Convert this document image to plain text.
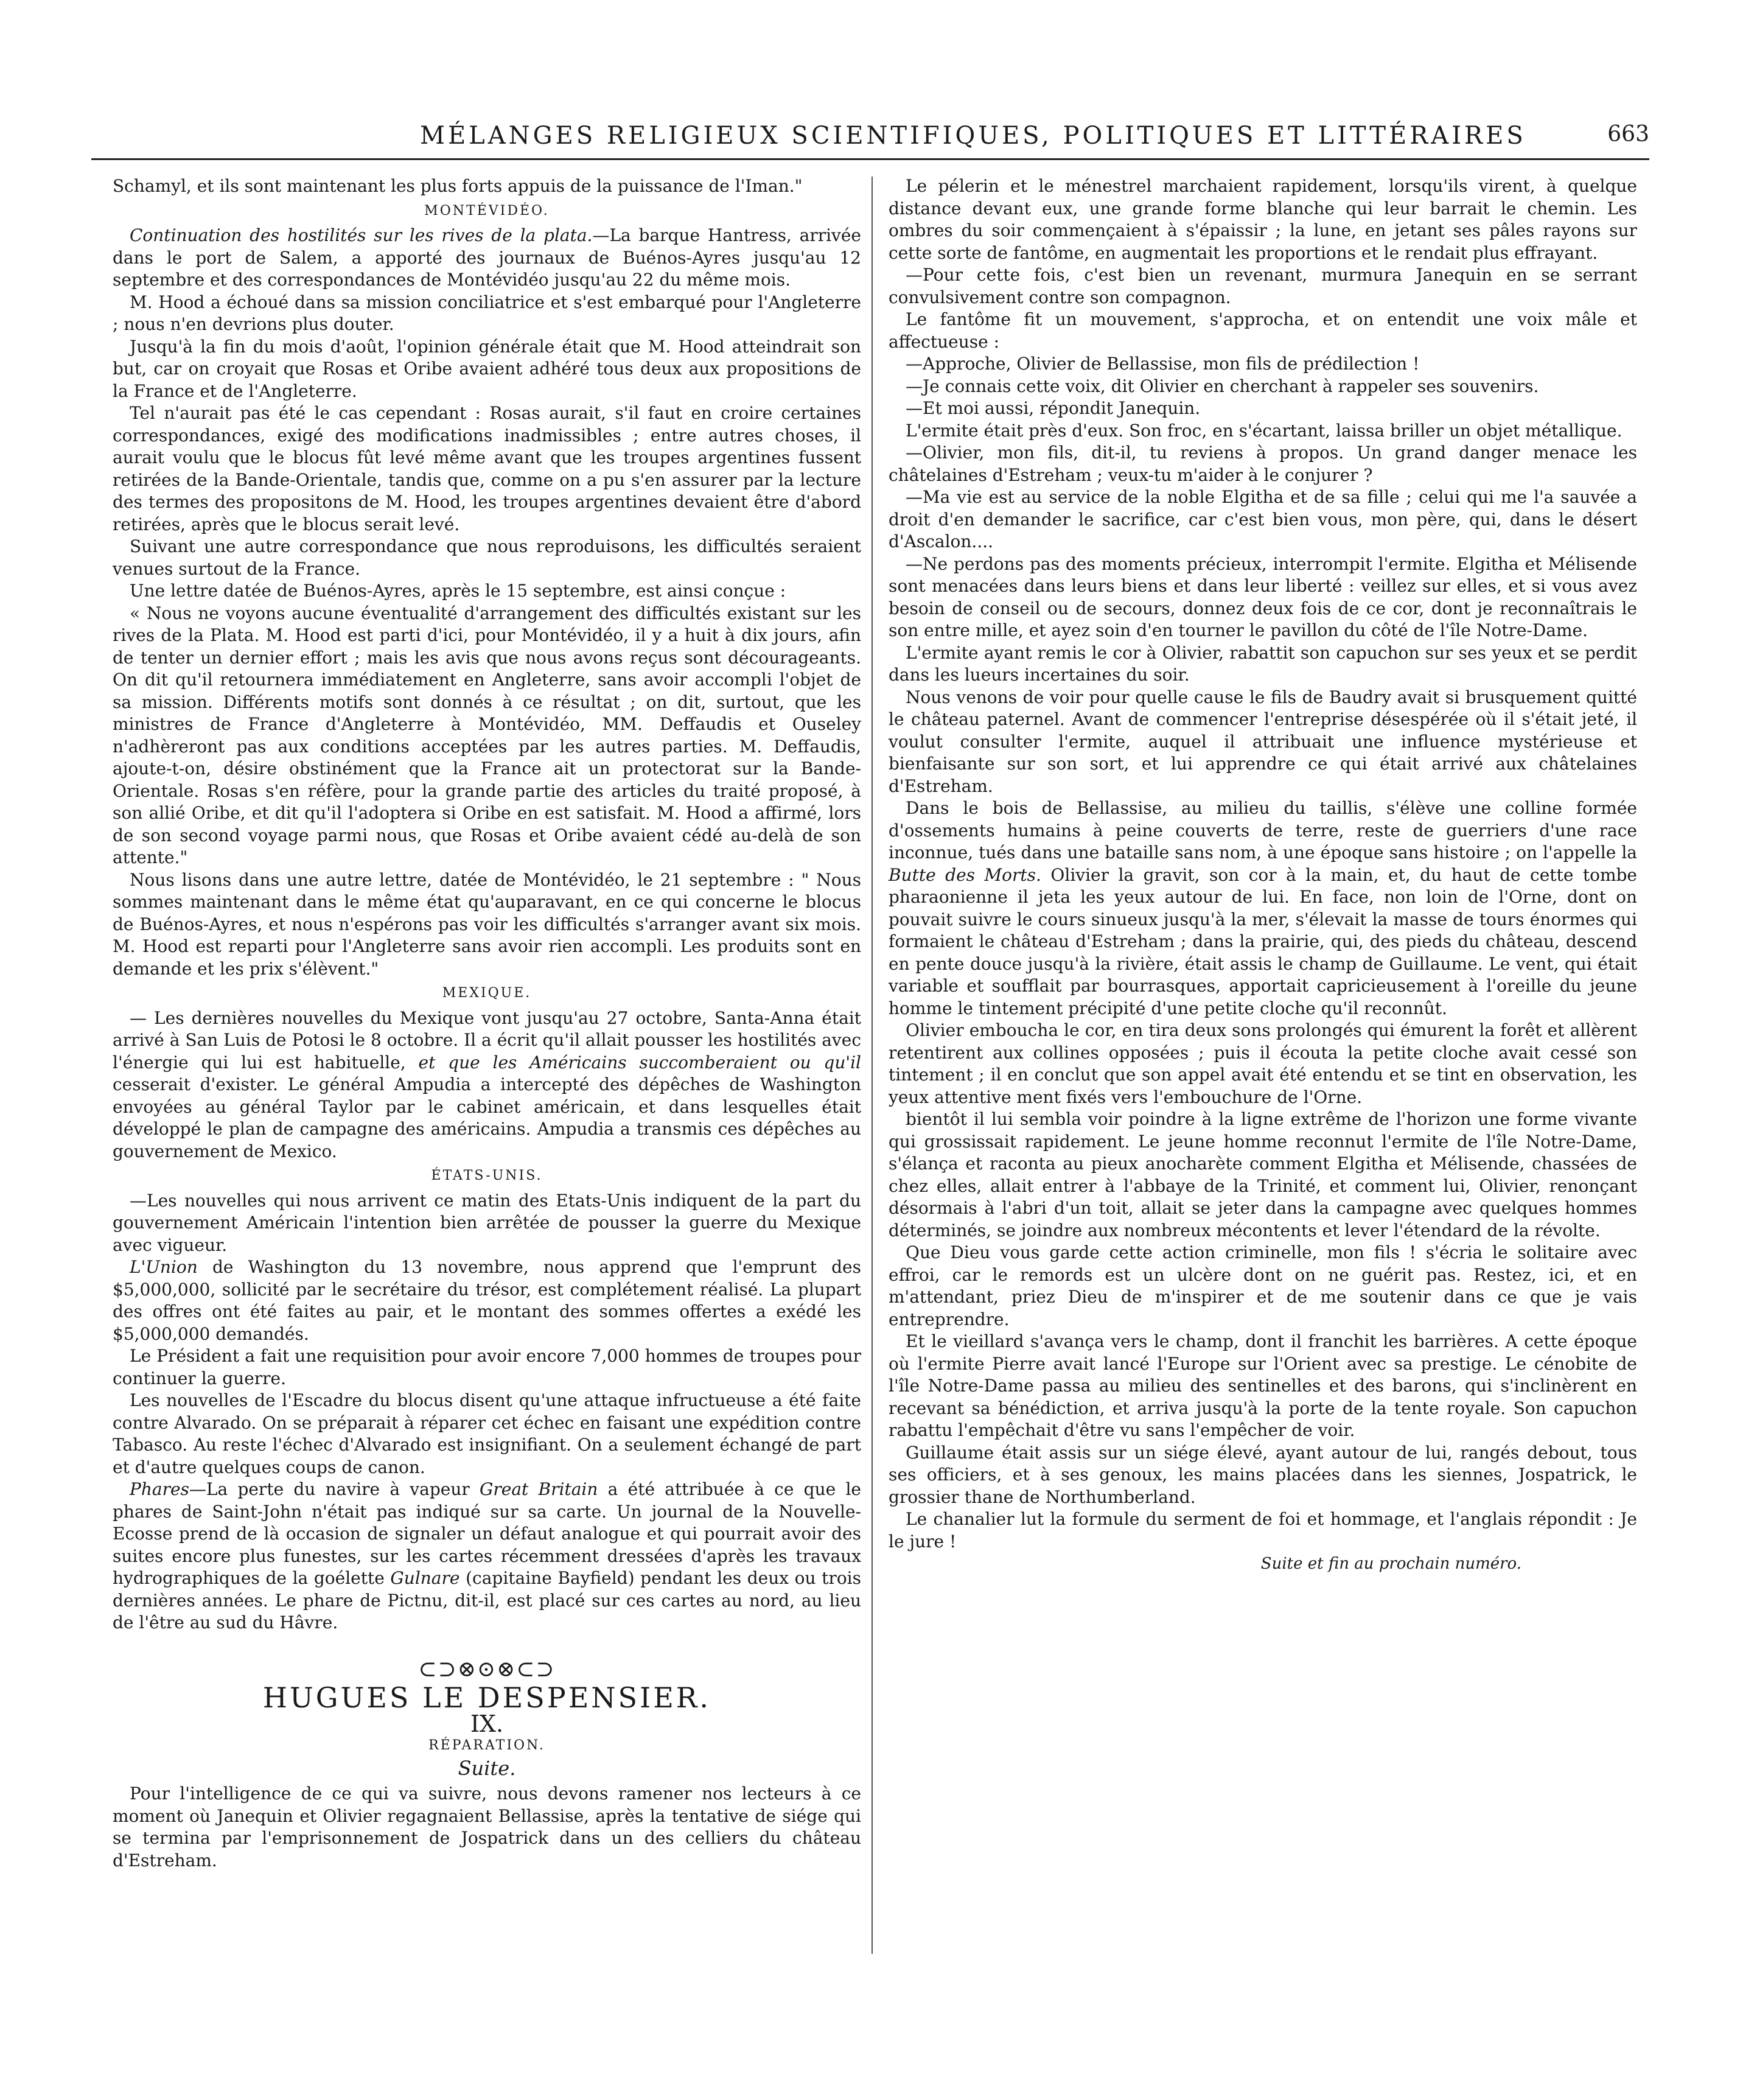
MÉLANGES RELIGIEUX SCIENTIFIQUES, POLITIQUES ET LITTÉRAIRES	663

Schamyl, et ils sont maintenant les plus forts appuis de la puissance de l'Iman."

MONTÉVIDÉO.

Continuation des hostilités sur les rives de la plata.—La barque Hantress, arrivée dans le port de Salem, a apporté des journaux de Buénos-Ayres jusqu'au 12 septembre et des correspondances de Montévidéo jusqu'au 22 du même mois.

M. Hood a échoué dans sa mission conciliatrice et s'est embarqué pour l'Angleterre ; nous n'en devrions plus douter.

Jusqu'à la fin du mois d'août, l'opinion générale était que M. Hood atteindrait son but, car on croyait que Rosas et Oribe avaient adhéré tous deux aux propositions de la France et de l'Angleterre.

Tel n'aurait pas été le cas cependant : Rosas aurait, s'il faut en croire certaines correspondances, exigé des modifications inadmissibles ; entre autres choses, il aurait voulu que le blocus fût levé même avant que les troupes argentines fussent retirées de la Bande-Orientale, tandis que, comme on a pu s'en assurer par la lecture des termes des propositons de M. Hood, les troupes argentines devaient être d'abord retirées, après que le blocus serait levé.

Suivant une autre correspondance que nous reproduisons, les difficultés seraient venues surtout de la France.

Une lettre datée de Buénos-Ayres, après le 15 septembre, est ainsi conçue :

« Nous ne voyons aucune éventualité d'arrangement des difficultés existant sur les rives de la Plata. M. Hood est parti d'ici, pour Montévidéo, il y a huit à dix jours, afin de tenter un dernier effort ; mais les avis que nous avons reçus sont décourageants. On dit qu'il retournera immédiatement en Angleterre, sans avoir accompli l'objet de sa mission. Différents motifs sont donnés à ce résultat ; on dit, surtout, que les ministres de France d'Angleterre à Montévidéo, MM. Deffaudis et Ouseley n'adhèreront pas aux conditions acceptées par les autres parties. M. Deffaudis, ajoute-t-on, désire obstinément que la France ait un protectorat sur la Bande-Orientale. Rosas s'en réfère, pour la grande partie des articles du traité proposé, à son allié Oribe, et dit qu'il l'adoptera si Oribe en est satisfait. M. Hood a affirmé, lors de son second voyage parmi nous, que Rosas et Oribe avaient cédé au-delà de son attente."

Nous lisons dans une autre lettre, datée de Montévidéo, le 21 septembre : " Nous sommes maintenant dans le même état qu'auparavant, en ce qui concerne le blocus de Buénos-Ayres, et nous n'espérons pas voir les difficultés s'arranger avant six mois. M. Hood est reparti pour l'Angleterre sans avoir rien accompli. Les produits sont en demande et les prix s'élèvent."

MEXIQUE.

— Les dernières nouvelles du Mexique vont jusqu'au 27 octobre, Santa-Anna était arrivé à San Luis de Potosi le 8 octobre. Il a écrit qu'il allait pousser les hostilités avec l'énergie qui lui est habituelle, et que les Américains succomberaient ou qu'il cesserait d'exister. Le général Ampudia a intercepté des dépêches de Washington envoyées au général Taylor par le cabinet américain, et dans lesquelles était développé le plan de campagne des américains. Ampudia a transmis ces dépêches au gouvernement de Mexico.

ÉTATS-UNIS.

—Les nouvelles qui nous arrivent ce matin des Etats-Unis indiquent de la part du gouvernement Américain l'intention bien arrêtée de pousser la guerre du Mexique avec vigueur.

L'Union de Washington du 13 novembre, nous apprend que l'emprunt des $5,000,000, sollicité par le secrétaire du trésor, est complétement réalisé. La plupart des offres ont été faites au pair, et le montant des sommes offertes a exédé les $5,000,000 demandés.

Le Président a fait une requisition pour avoir encore 7,000 hommes de troupes pour continuer la guerre.

Les nouvelles de l'Escadre du blocus disent qu'une attaque infructueuse a été faite contre Alvarado. On se préparait à réparer cet échec en faisant une expédition contre Tabasco. Au reste l'échec d'Alvarado est insignifiant. On a seulement échangé de part et d'autre quelques coups de canon.

Phares—La perte du navire à vapeur Great Britain a été attribuée à ce que le phares de Saint-John n'était pas indiqué sur sa carte. Un journal de la Nouvelle-Ecosse prend de là occasion de signaler un défaut analogue et qui pourrait avoir des suites encore plus funestes, sur les cartes récemment dressées d'après les travaux hydrographiques de la goélette Gulnare (capitaine Bayfield) pendant les deux ou trois dernières années. Le phare de Pictnu, dit-il, est placé sur ces cartes au nord, au lieu de l'être au sud du Hâvre.

⊂⊃⊗⊙⊗⊂⊃

HUGUES LE DESPENSIER.

IX.

RÉPARATION.

Suite.

Pour l'intelligence de ce qui va suivre, nous devons ramener nos lecteurs à ce moment où Janequin et Olivier regagnaient Bellassise, après la tentative de siége qui se termina par l'emprisonnement de Jospatrick dans un des celliers du château d'Estreham.

Le pélerin et le ménestrel marchaient rapidement, lorsqu'ils virent, à quelque distance devant eux, une grande forme blanche qui leur barrait le chemin. Les ombres du soir commençaient à s'épaissir ; la lune, en jetant ses pâles rayons sur cette sorte de fantôme, en augmentait les proportions et le rendait plus effrayant.

—Pour cette fois, c'est bien un revenant, murmura Janequin en se serrant convulsivement contre son compagnon.

Le fantôme fit un mouvement, s'approcha, et on entendit une voix mâle et affectueuse :

—Approche, Olivier de Bellassise, mon fils de prédilection !

—Je connais cette voix, dit Olivier en cherchant à rappeler ses souvenirs.

—Et moi aussi, répondit Janequin.

L'ermite était près d'eux. Son froc, en s'écartant, laissa briller un objet métallique.

—Olivier, mon fils, dit-il, tu reviens à propos. Un grand danger menace les châtelaines d'Estreham ; veux-tu m'aider à le conjurer ?

—Ma vie est au service de la noble Elgitha et de sa fille ; celui qui me l'a sauvée a droit d'en demander le sacrifice, car c'est bien vous, mon père, qui, dans le désert d'Ascalon....

—Ne perdons pas des moments précieux, interrompit l'ermite. Elgitha et Mélisende sont menacées dans leurs biens et dans leur liberté : veillez sur elles, et si vous avez besoin de conseil ou de secours, donnez deux fois de ce cor, dont je reconnaîtrais le son entre mille, et ayez soin d'en tourner le pavillon du côté de l'île Notre-Dame.

L'ermite ayant remis le cor à Olivier, rabattit son capuchon sur ses yeux et se perdit dans les lueurs incertaines du soir.

Nous venons de voir pour quelle cause le fils de Baudry avait si brusquement quitté le château paternel. Avant de commencer l'entreprise désespérée où il s'était jeté, il voulut consulter l'ermite, auquel il attribuait une influence mystérieuse et bienfaisante sur son sort, et lui apprendre ce qui était arrivé aux châtelaines d'Estreham.

Dans le bois de Bellassise, au milieu du taillis, s'élève une colline formée d'ossements humains à peine couverts de terre, reste de guerriers d'une race inconnue, tués dans une bataille sans nom, à une époque sans histoire ; on l'appelle la Butte des Morts. Olivier la gravit, son cor à la main, et, du haut de cette tombe pharaonienne il jeta les yeux autour de lui. En face, non loin de l'Orne, dont on pouvait suivre le cours sinueux jusqu'à la mer, s'élevait la masse de tours énormes qui formaient le château d'Estreham ; dans la prairie, qui, des pieds du château, descend en pente douce jusqu'à la rivière, était assis le champ de Guillaume. Le vent, qui était variable et soufflait par bourrasques, apportait capricieusement à l'oreille du jeune homme le tintement précipité d'une petite cloche qu'il reconnût.

Olivier emboucha le cor, en tira deux sons prolongés qui émurent la forêt et allèrent retentirent aux collines opposées ; puis il écouta la petite cloche avait cessé son tintement ; il en conclut que son appel avait été entendu et se tint en observation, les yeux attentive ment fixés vers l'embouchure de l'Orne.

bientôt il lui sembla voir poindre à la ligne extrême de l'horizon une forme vivante qui grossissait rapidement. Le jeune homme reconnut l'ermite de l'île Notre-Dame, s'élança et raconta au pieux anocharète comment Elgitha et Mélisende, chassées de chez elles, allait entrer à l'abbaye de la Trinité, et comment lui, Olivier, renonçant désormais à l'abri d'un toit, allait se jeter dans la campagne avec quelques hommes déterminés, se joindre aux nombreux mécontents et lever l'étendard de la révolte.

Que Dieu vous garde cette action criminelle, mon fils ! s'écria le solitaire avec effroi, car le remords est un ulcère dont on ne guérit pas. Restez, ici, et en m'attendant, priez Dieu de m'inspirer et de me soutenir dans ce que je vais entreprendre.

Et le vieillard s'avança vers le champ, dont il franchit les barrières. A cette époque où l'ermite Pierre avait lancé l'Europe sur l'Orient avec sa prestige. Le cénobite de l'île Notre-Dame passa au milieu des sentinelles et des barons, qui s'inclinèrent en recevant sa bénédiction, et arriva jusqu'à la porte de la tente royale. Son capuchon rabattu l'empêchait d'être vu sans l'empêcher de voir.

Guillaume était assis sur un siége élevé, ayant autour de lui, rangés debout, tous ses officiers, et à ses genoux, les mains placées dans les siennes, Jospatrick, le grossier thane de Northumberland.

Le chanalier lut la formule du serment de foi et hommage, et l'anglais répondit : Je le jure !

Suite et fin au prochain numéro.
